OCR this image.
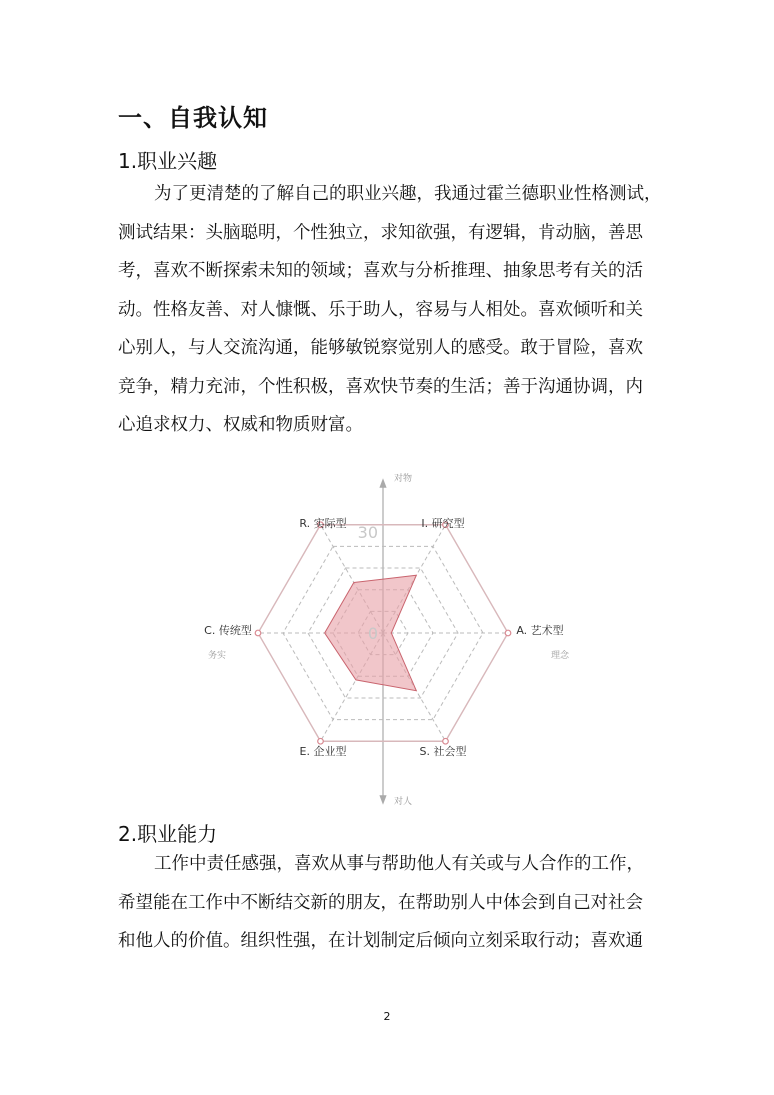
一、自我认知
1.职业兴趣
为了更清楚的了解自己的职业兴趣，我通过霍兰德职业性格测试，
测试结果：头脑聪明，个性独立，求知欲强，有逻辑，肯动脑，善思
考，喜欢不断探索未知的领域；喜欢与分析推理、抽象思考有关的活
动。性格友善、对人慷慨、乐于助人，容易与人相处。喜欢倾听和关
心别人，与人交流沟通，能够敏锐察觉别人的感受。敢于冒险，喜欢
竞争，精力充沛，个性积极，喜欢快节奏的生活；善于沟通协调，内
心追求权力、权威和物质财富。
30
0
R. 实际型	I. 研究型
A. 艺术型
S. 社会型
E. 企业型
C. 传统型
对物
对人
务实	理念
2.职业能力
工作中责任感强，喜欢从事与帮助他人有关或与人合作的工作，
希望能在工作中不断结交新的朋友，在帮助别人中体会到自己对社会
和他人的价值。组织性强，在计划制定后倾向立刻采取行动；喜欢通
2
